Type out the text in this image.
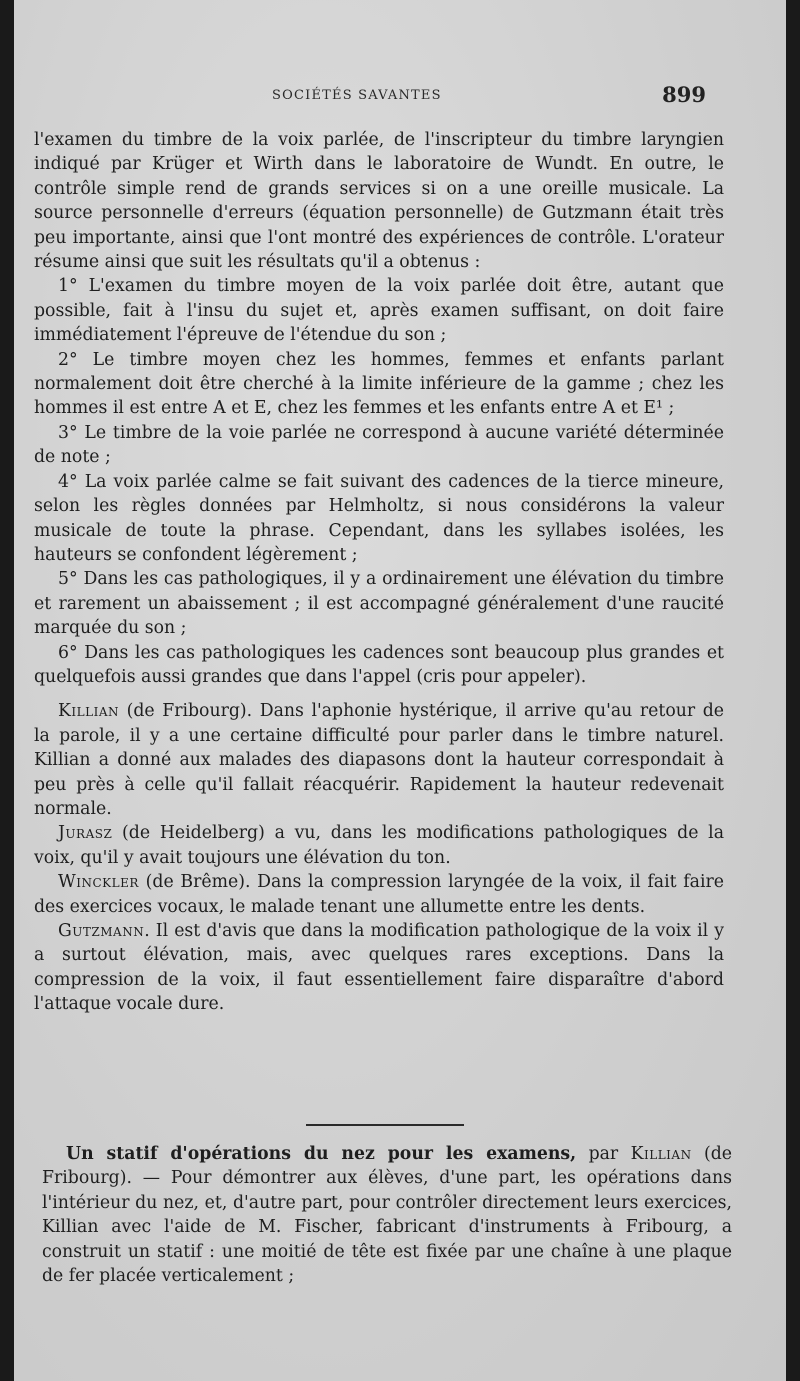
SOCIÉTÉS SAVANTES	899

l'examen du timbre de la voix parlée, de l'inscripteur du timbre laryngien indiqué par Krüger et Wirth dans le laboratoire de Wundt. En outre, le contrôle simple rend de grands services si on a une oreille musicale. La source personnelle d'erreurs (équation personnelle) de Gutzmann était très peu importante, ainsi que l'ont montré des expériences de contrôle. L'orateur résume ainsi que suit les résultats qu'il a obtenus :

1° L'examen du timbre moyen de la voix parlée doit être, autant que possible, fait à l'insu du sujet et, après examen suffisant, on doit faire immédiatement l'épreuve de l'étendue du son ;

2° Le timbre moyen chez les hommes, femmes et enfants parlant normalement doit être cherché à la limite inférieure de la gamme ; chez les hommes il est entre A et E, chez les femmes et les enfants entre A et E¹ ;

3° Le timbre de la voie parlée ne correspond à aucune variété déterminée de note ;

4° La voix parlée calme se fait suivant des cadences de la tierce mineure, selon les règles données par Helmholtz, si nous considérons la valeur musicale de toute la phrase. Cependant, dans les syllabes isolées, les hauteurs se confondent légèrement ;

5° Dans les cas pathologiques, il y a ordinairement une élévation du timbre et rarement un abaissement ; il est accompagné généralement d'une raucité marquée du son ;

6° Dans les cas pathologiques les cadences sont beaucoup plus grandes et quelquefois aussi grandes que dans l'appel (cris pour appeler).

Killian (de Fribourg). Dans l'aphonie hystérique, il arrive qu'au retour de la parole, il y a une certaine difficulté pour parler dans le timbre naturel. Killian a donné aux malades des diapasons dont la hauteur correspondait à peu près à celle qu'il fallait réacquérir. Rapidement la hauteur redevenait normale.

Jurasz (de Heidelberg) a vu, dans les modifications pathologiques de la voix, qu'il y avait toujours une élévation du ton.

Winckler (de Brême). Dans la compression laryngée de la voix, il fait faire des exercices vocaux, le malade tenant une allumette entre les dents.

Gutzmann. Il est d'avis que dans la modification pathologique de la voix il y a surtout élévation, mais, avec quelques rares exceptions. Dans la compression de la voix, il faut essentiellement faire disparaître d'abord l'attaque vocale dure.

Un statif d'opérations du nez pour les examens, par Killian (de Fribourg). — Pour démontrer aux élèves, d'une part, les opérations dans l'intérieur du nez, et, d'autre part, pour contrôler directement leurs exercices, Killian avec l'aide de M. Fischer, fabricant d'instruments à Fribourg, a construit un statif : une moitié de tête est fixée par une chaîne à une plaque de fer placée verticalement ;
